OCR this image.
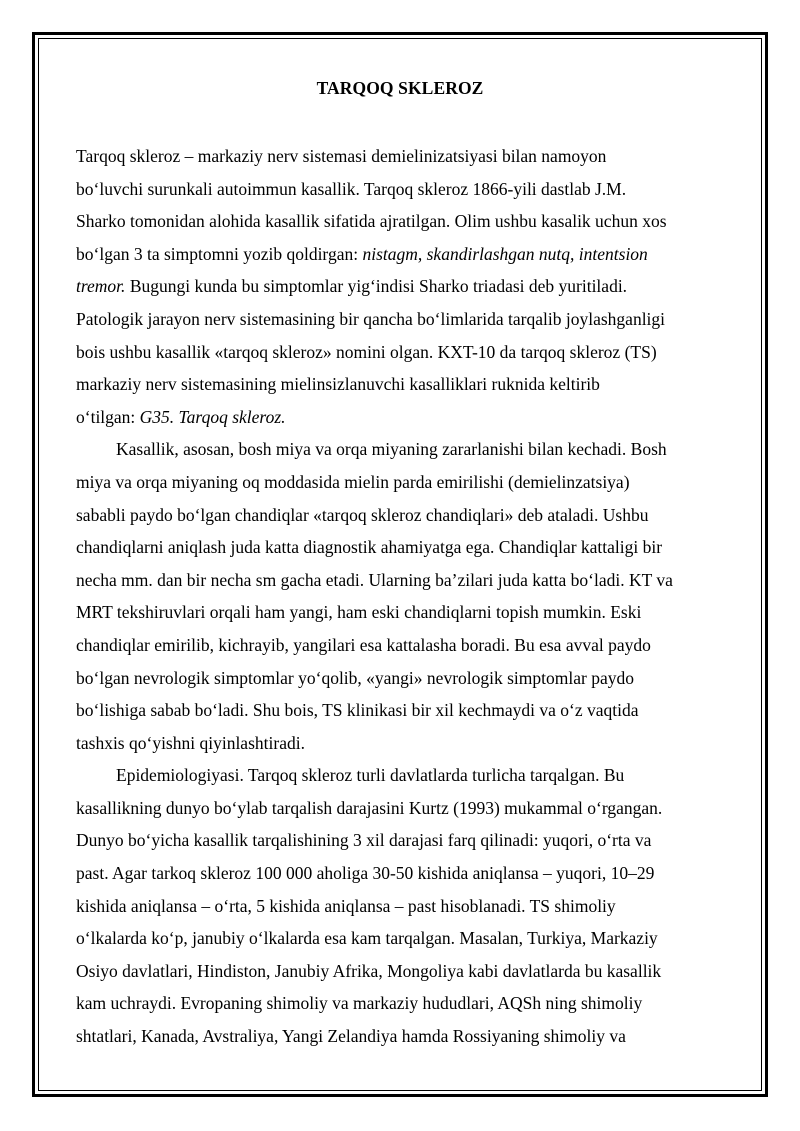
TARQOQ SKLEROZ

Tarqoq skleroz – markaziy nerv sistemasi demielinizatsiyasi bilan namoyon
bo‘luvchi surunkali autoimmun kasallik. Tarqoq skleroz 1866-yili dastlab J.M.
Sharko tomonidan alohida kasallik sifatida ajratilgan. Olim ushbu kasalik uchun xos
bo‘lgan 3 ta simptomni yozib qoldirgan: nistagm, skandirlashgan nutq, intentsion
tremor. Bugungi kunda bu simptomlar yig‘indisi Sharko triadasi deb yuritiladi.
Patologik jarayon nerv sistemasining bir qancha bo‘limlarida tarqalib joylashganligi
bois ushbu kasallik «tarqoq skleroz» nomini olgan. KXT-10 da tarqoq skleroz (TS)
markaziy nerv sistemasining mielinsizlanuvchi kasalliklari ruknida keltirib
o‘tilgan: G35. Tarqoq skleroz.

Kasallik, asosan, bosh miya va orqa miyaning zararlanishi bilan kechadi. Bosh
miya va orqa miyaning oq moddasida mielin parda emirilishi (demielinzatsiya)
sababli paydo bo‘lgan chandiqlar «tarqoq skleroz chandiqlari» deb ataladi. Ushbu
chandiqlarni aniqlash juda katta diagnostik ahamiyatga ega. Chandiqlar kattaligi bir
necha mm. dan bir necha sm gacha etadi. Ularning ba’zilari juda katta bo‘ladi. KT va
MRT tekshiruvlari orqali ham yangi, ham eski chandiqlarni topish mumkin. Eski
chandiqlar emirilib, kichrayib, yangilari esa kattalasha boradi. Bu esa avval paydo
bo‘lgan nevrologik simptomlar yo‘qolib, «yangi» nevrologik simptomlar paydo
bo‘lishiga sabab bo‘ladi. Shu bois, TS klinikasi bir xil kechmaydi va o‘z vaqtida
tashxis qo‘yishni qiyinlashtiradi.

Epidemiologiyasi. Tarqoq skleroz turli davlatlarda turlicha tarqalgan. Bu
kasallikning dunyo bo‘ylab tarqalish darajasini Kurtz (1993) mukammal o‘rgangan.
Dunyo bo‘yicha kasallik tarqalishining 3 xil darajasi farq qilinadi: yuqori, o‘rta va
past. Agar tarkoq skleroz 100 000 aholiga 30-50 kishida aniqlansa – yuqori, 10–29
kishida aniqlansa – o‘rta, 5 kishida aniqlansa – past hisoblanadi. TS shimoliy
o‘lkalarda ko‘p, janubiy o‘lkalarda esa kam tarqalgan. Masalan, Turkiya, Markaziy
Osiyo davlatlari, Hindiston, Janubiy Afrika, Mongoliya kabi davlatlarda bu kasallik
kam uchraydi. Evropaning shimoliy va markaziy hududlari, AQSh ning shimoliy
shtatlari, Kanada, Avstraliya, Yangi Zelandiya hamda Rossiyaning shimoliy va
